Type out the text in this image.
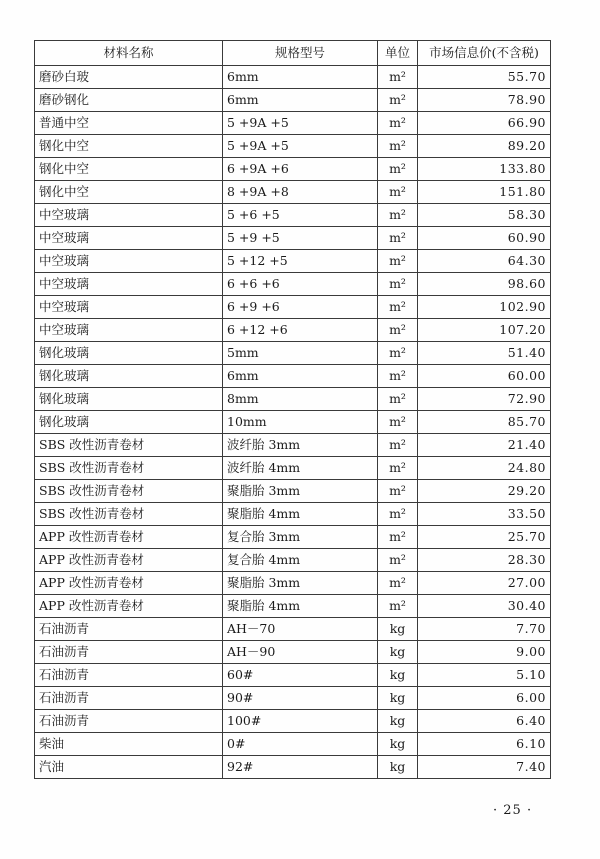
材料名称	规格型号	单位	市场信息价(不含税)
磨砂白玻	6mm	m²	55.70
磨砂钢化	6mm	m²	78.90
普通中空	5 +9A +5	m²	66.90
钢化中空	5 +9A +5	m²	89.20
钢化中空	6 +9A +6	m²	133.80
钢化中空	8 +9A +8	m²	151.80
中空玻璃	5 +6 +5	m²	58.30
中空玻璃	5 +9 +5	m²	60.90
中空玻璃	5 +12 +5	m²	64.30
中空玻璃	6 +6 +6	m²	98.60
中空玻璃	6 +9 +6	m²	102.90
中空玻璃	6 +12 +6	m²	107.20
钢化玻璃	5mm	m²	51.40
钢化玻璃	6mm	m²	60.00
钢化玻璃	8mm	m²	72.90
钢化玻璃	10mm	m²	85.70
SBS 改性沥青卷材	波纤胎 3mm	m²	21.40
SBS 改性沥青卷材	波纤胎 4mm	m²	24.80
SBS 改性沥青卷材	聚脂胎 3mm	m²	29.20
SBS 改性沥青卷材	聚脂胎 4mm	m²	33.50
APP 改性沥青卷材	复合胎 3mm	m²	25.70
APP 改性沥青卷材	复合胎 4mm	m²	28.30
APP 改性沥青卷材	聚脂胎 3mm	m²	27.00
APP 改性沥青卷材	聚脂胎 4mm	m²	30.40
石油沥青	AH－70	kg	7.70
石油沥青	AH－90	kg	9.00
石油沥青	60#	kg	5.10
石油沥青	90#	kg	6.00
石油沥青	100#	kg	6.40
柴油	0#	kg	6.10
汽油	92#	kg	7.40
· 25 ·
